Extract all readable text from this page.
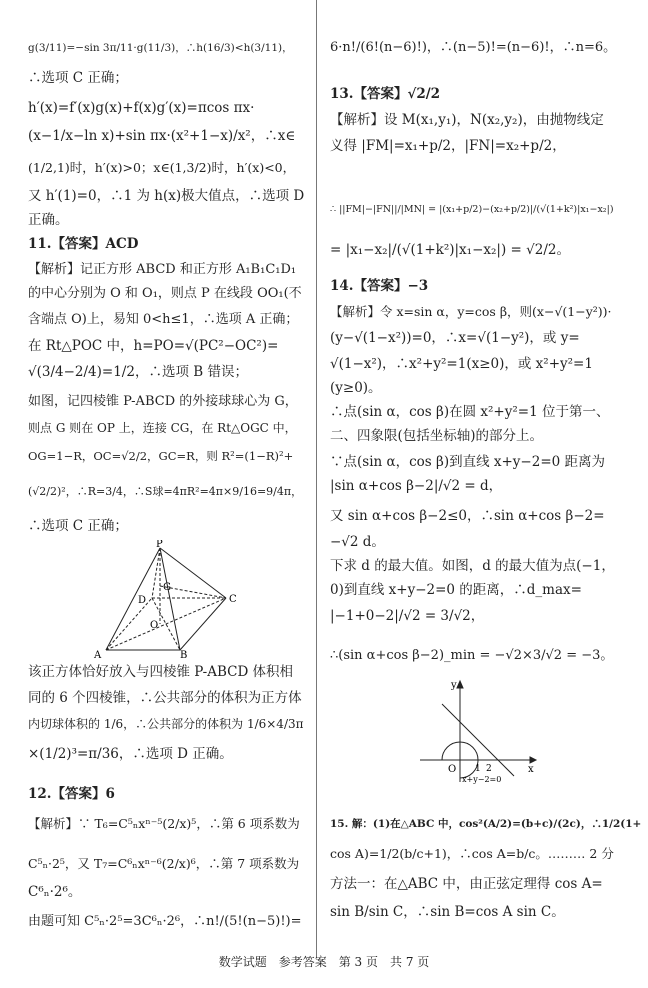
g(3/11)=−sin 3π/11·g(11/3)，∴h(16/3)<h(3/11)，
∴选项 C 正确；
h′(x)=f′(x)g(x)+f(x)g′(x)=πcos πx·
(x−1/x−ln x)+sin πx·(x²+1−x)/x²，∴x∈
(1/2,1)时，h′(x)>0；x∈(1,3/2)时，h′(x)<0，
又 h′(1)=0，∴1 为 h(x)极大值点，∴选项 D
正确。
11.【答案】ACD
【解析】记正方形 ABCD 和正方形 A₁B₁C₁D₁
的中心分别为 O 和 O₁，则点 P 在线段 OO₁(不
含端点 O)上，易知 0<h≤1，∴选项 A 正确；
在 Rt△POC 中，h=PO=√(PC²−OC²)=
√(3/4−2/4)=1/2，∴选项 B 错误；
如图，记四棱锥 P-ABCD 的外接球球心为 G，
则点 G 则在 OP 上，连接 CG，在 Rt△OGC 中，
OG=1−R，OC=√2/2，GC=R，则 R²=(1−R)²+
(√2/2)²，∴R=3/4，∴S球=4πR²=4π×9/16=9/4π，
∴选项 C 正确；
该正方体恰好放入与四棱锥 P-ABCD 体积相
同的 6 个四棱锥，∴公共部分的体积为正方体
内切球体积的 1/6，∴公共部分的体积为 1/6×4/3π
×(1/2)³=π/36，∴选项 D 正确。
12.【答案】6
【解析】∵ T₆=C⁵ₙxⁿ⁻⁵(2/x)⁵，∴第 6 项系数为
C⁵ₙ·2⁵，又 T₇=C⁶ₙxⁿ⁻⁶(2/x)⁶，∴第 7 项系数为
C⁶ₙ·2⁶。
由题可知 C⁵ₙ·2⁵=3C⁶ₙ·2⁶，∴n!/(5!(n−5)!)=
6·n!/(6!(n−6)!)，∴(n−5)!=(n−6)!，∴n=6。
13.【答案】√2/2
【解析】设 M(x₁,y₁)，N(x₂,y₂)，由抛物线定
义得 |FM|=x₁+p/2，|FN|=x₂+p/2，
∴ ||FM|−|FN||/|MN| = |(x₁+p/2)−(x₂+p/2)|/(√(1+k²)|x₁−x₂|)
= |x₁−x₂|/(√(1+k²)|x₁−x₂|) = √2/2。
14.【答案】−3
【解析】令 x=sin α，y=cos β，则(x−√(1−y²))·
(y−√(1−x²))=0，∴x=√(1−y²)，或 y=
√(1−x²)，∴x²+y²=1(x≥0)，或 x²+y²=1
(y≥0)。
∴点(sin α，cos β)在圆 x²+y²=1 位于第一、
二、四象限(包括坐标轴)的部分上。
∵点(sin α，cos β)到直线 x+y−2=0 距离为
|sin α+cos β−2|/√2 = d，
又 sin α+cos β−2≤0，∴sin α+cos β−2=
−√2 d。
下求 d 的最大值。如图，d 的最大值为点(−1，
0)到直线 x+y−2=0 的距离，∴d_max=
|−1+0−2|/√2 = 3/√2，
∴(sin α+cos β−2)_min = −√2×3/√2 = −3。
15. 解：(1)在△ABC 中，cos²(A/2)=(b+c)/(2c)，∴1/2(1+
cos A)=1/2(b/c+1)，∴cos A=b/c。……… 2 分
方法一：在△ABC 中，由正弦定理得 cos A=
sin B/sin C，∴sin B=cos A sin C。
P
D
G
C
O
A	B
y
x
O 1 2
x+y−2=0
数学试题　参考答案　第 3 页　共 7 页
